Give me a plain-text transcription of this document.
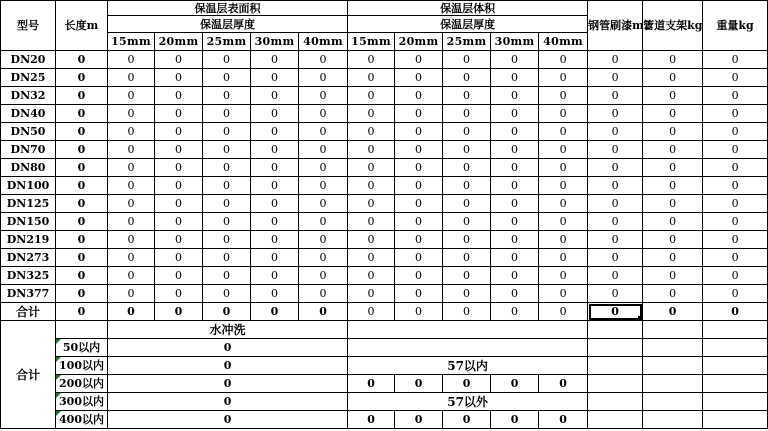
型号	长度m	保温层表面积					保温层体积					钢管刷漆m2	管道支架kg	重量kg
		保温层厚度					保温层厚度							
		15mm	20mm	25mm	30mm	40mm	15mm	20mm	25mm	30mm	40mm			
DN20	0	0	0	0	0	0	0	0	0	0	0	0	0	0
DN25	0	0	0	0	0	0	0	0	0	0	0	0	0	0
DN32	0	0	0	0	0	0	0	0	0	0	0	0	0	0
DN40	0	0	0	0	0	0	0	0	0	0	0	0	0	0
DN50	0	0	0	0	0	0	0	0	0	0	0	0	0	0
DN70	0	0	0	0	0	0	0	0	0	0	0	0	0	0
DN80	0	0	0	0	0	0	0	0	0	0	0	0	0	0
DN100	0	0	0	0	0	0	0	0	0	0	0	0	0	0
DN125	0	0	0	0	0	0	0	0	0	0	0	0	0	0
DN150	0	0	0	0	0	0	0	0	0	0	0	0	0	0
DN219	0	0	0	0	0	0	0	0	0	0	0	0	0	0
DN273	0	0	0	0	0	0	0	0	0	0	0	0	0	0
DN325	0	0	0	0	0	0	0	0	0	0	0	0	0	0
DN377	0	0	0	0	0	0	0	0	0	0	0	0	0	0
合计	0	0	0	0	0	0	0	0	0	0	0	0	0	0
合计		水冲洗												
	50以内	0												
	100以内	0					57以内							
	200以内	0					0	0	0	0	0			
	300以内	0					57以外							
	400以内	0					0	0	0	0	0			
